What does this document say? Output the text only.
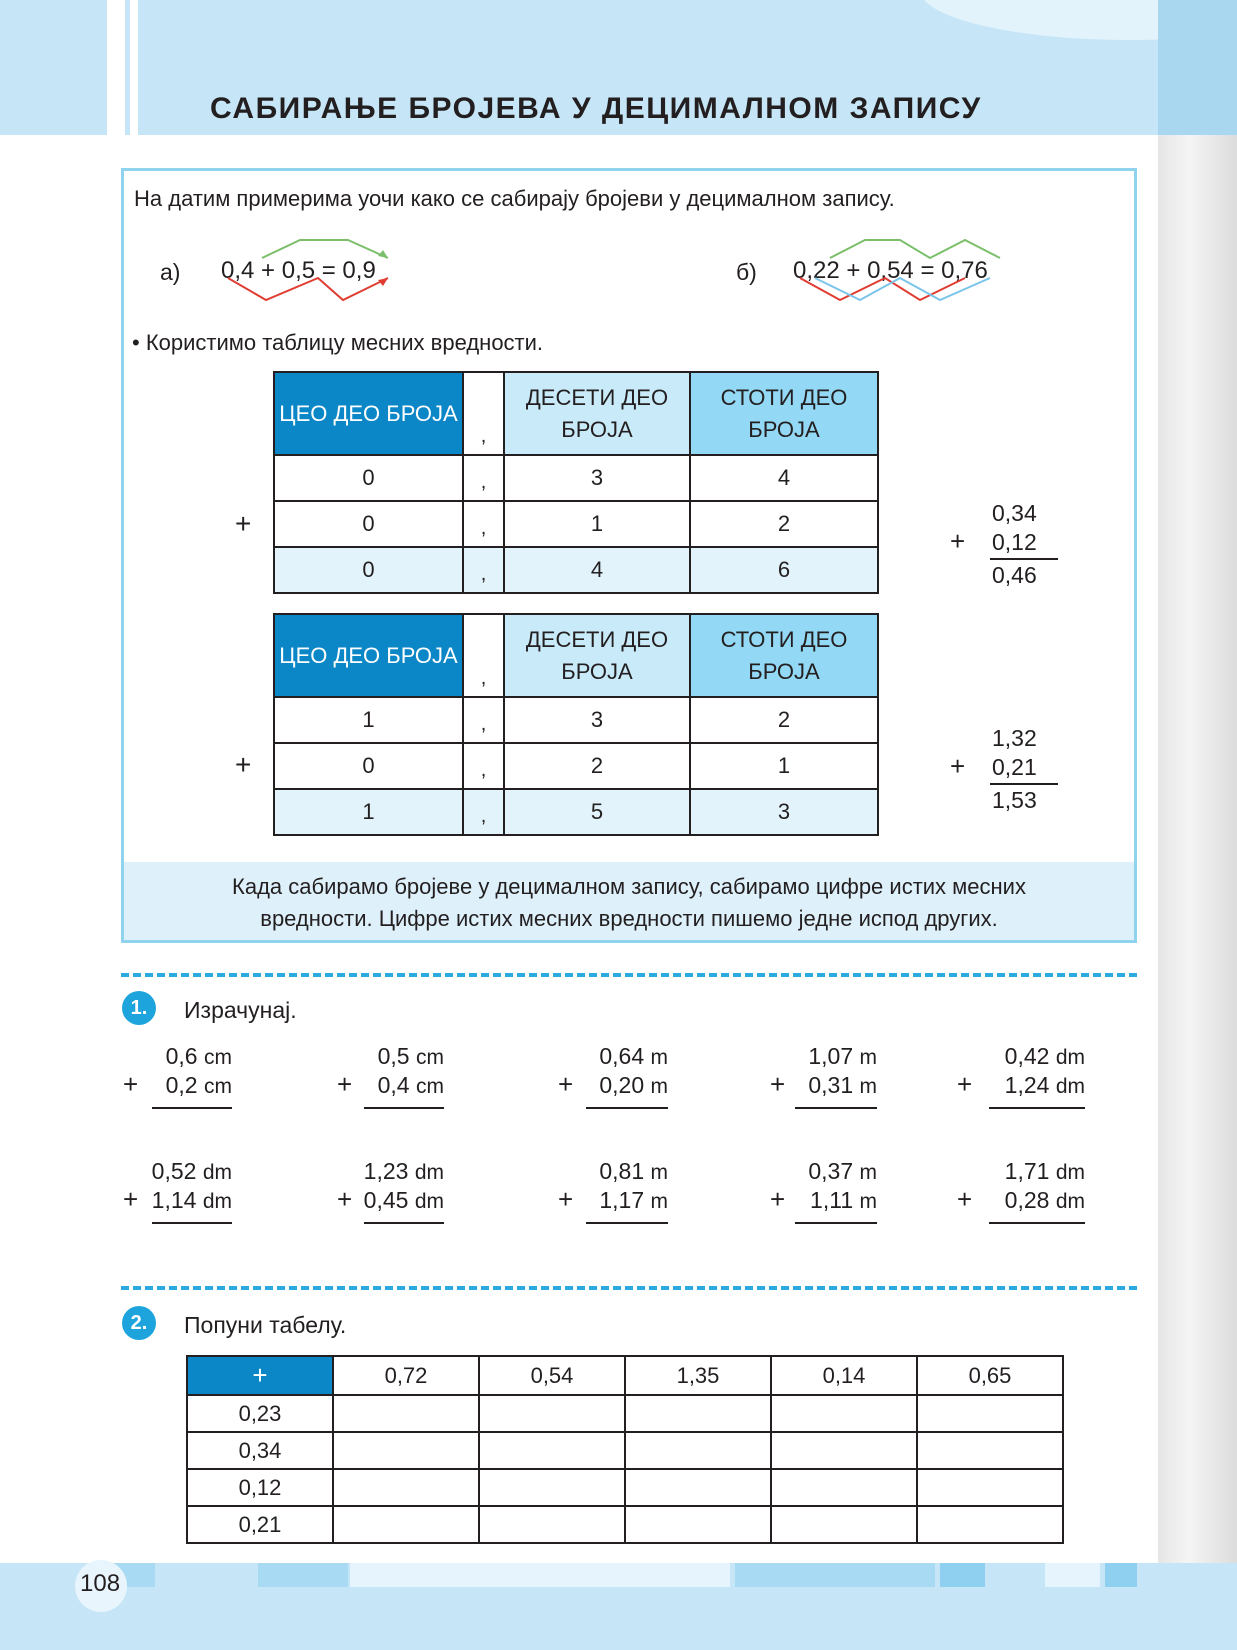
108
САБИРАЊЕ БРОЈЕВА У ДЕЦИМАЛНОМ ЗАПИСУ
На датим примерима уочи како се сабирају бројеви у децималном запису.
а) 0,4 + 0,5 = 0,9	б) 0,22 + 0,54 = 0,76
• Користимо таблицу месних вредности.
ЦЕО ДЕО БРОЈА	,	ДЕСЕТИ ДЕО БРОЈА	СТОТИ ДЕО БРОЈА
0	,	3	4
0	,	1	2
0	,	4	6
+	0,34
+ 0,12
0,46
ЦЕО ДЕО БРОЈА	,	ДЕСЕТИ ДЕО БРОЈА	СТОТИ ДЕО БРОЈА
1	,	3	2
0	,	2	1
1	,	5	3
+
1,32
+ 0,21
1,53
Када сабирамо бројеве у децималном запису, сабирамо цифре истих месних
вредности. Цифре истих месних вредности пишемо једне испод других.
1.	Израчунај.
0,6 cm
+ 0,2 cm
0,5 cm
+ 0,4 cm
0,64 m
+ 0,20 m
1,07 m
+ 0,31 m
0,42 dm
+ 1,24 dm
0,52 dm
+ 1,14 dm
1,23 dm
+ 0,45 dm
0,81 m
+ 1,17 m
0,37 m
+ 1,11 m
1,71 dm
+ 0,28 dm
2.	Попуни табелу.
+	0,72	0,54	1,35	0,14	0,65
0,23					
0,34					
0,12					
0,21					
